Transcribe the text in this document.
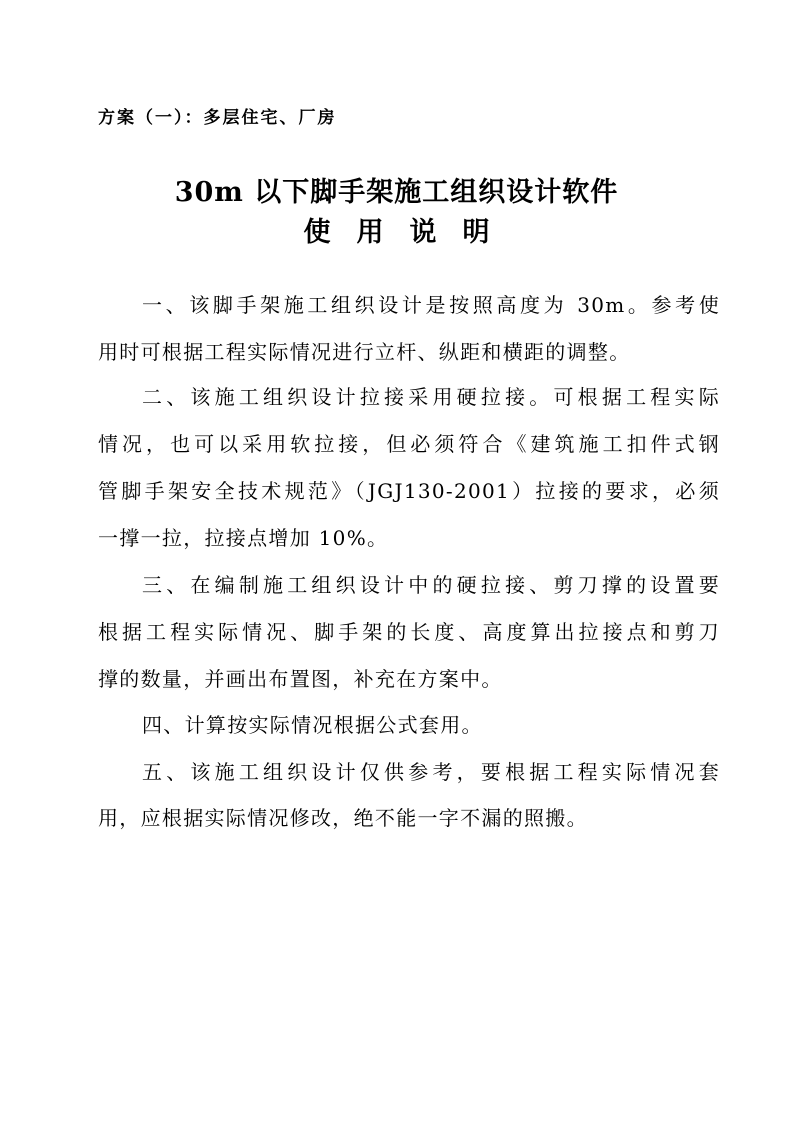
方案（一）：多层住宅、厂房
30m 以下脚手架施工组织设计软件
使用说明
一、该脚手架施工组织设计是按照高度为 30m。参考使
用时可根据工程实际情况进行立杆、纵距和横距的调整。
二、该施工组织设计拉接采用硬拉接。可根据工程实际
情况，也可以采用软拉接，但必须符合《建筑施工扣件式钢
管脚手架安全技术规范》（JGJ130-2001）拉接的要求，必须
一撑一拉，拉接点增加 10%。
三、在编制施工组织设计中的硬拉接、剪刀撑的设置要
根据工程实际情况、脚手架的长度、高度算出拉接点和剪刀
撑的数量，并画出布置图，补充在方案中。
四、计算按实际情况根据公式套用。
五、该施工组织设计仅供参考，要根据工程实际情况套
用，应根据实际情况修改，绝不能一字不漏的照搬。
